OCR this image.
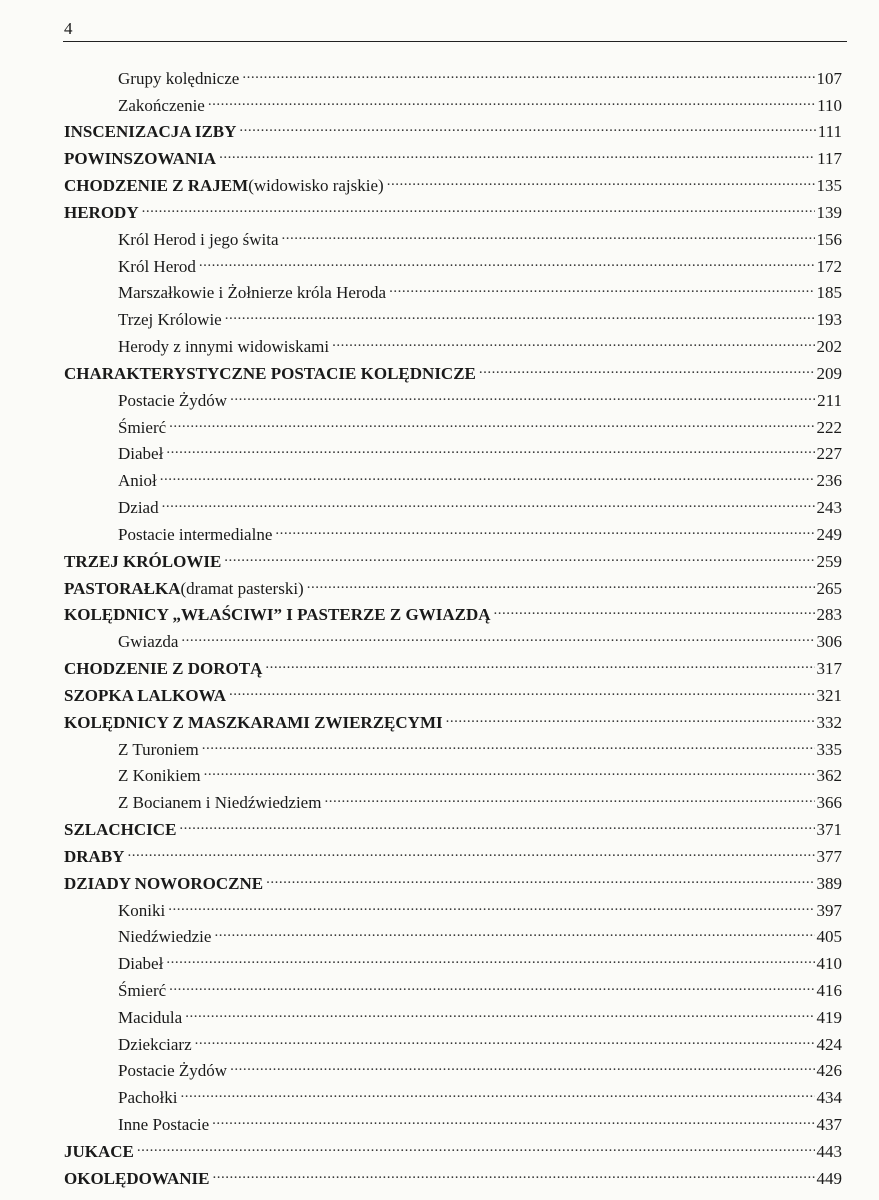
4
Grupy kolędnicze .....	107
Zakończenie .....	110
INSCENIZACJA IZBY .....	111
POWINSZOWANIA .....	117
CHODZENIE Z RAJEM (widowisko rajskie) .....	135
HERODY .....	139
Król Herod i jego świta .....	156
Król Herod .....	172
Marszałkowie i Żołnierze króla Heroda .....	185
Trzej Królowie .....	193
Herody z innymi widowiskami .....	202
CHARAKTERYSTYCZNE POSTACIE KOLĘDNICZE .....	209
Postacie Żydów .....	211
Śmierć .....	222
Diabeł .....	227
Anioł .....	236
Dziad .....	243
Postacie intermedialne .....	249
TRZEJ KRÓLOWIE .....	259
PASTORAŁKA (dramat pasterski) .....	265
KOLĘDNICY „WŁAŚCIWI” I PASTERZE Z GWIAZDĄ .....	283
Gwiazda .....	306
CHODZENIE Z DOROTĄ .....	317
SZOPKA LALKOWA .....	321
KOLĘDNICY Z MASZKARAMI ZWIERZĘCYMI .....	332
Z Turoniem .....	335
Z Konikiem .....	362
Z Bocianem i Niedźwiedziem .....	366
SZLACHCICE .....	371
DRABY .....	377
DZIADY NOWOROCZNE .....	389
Koniki .....	397
Niedźwiedzie .....	405
Diabeł .....	410
Śmierć .....	416
Macidula .....	419
Dziekciarz .....	424
Postacie Żydów .....	426
Pachołki .....	434
Inne Postacie .....	437
JUKACE .....	443
OKOLĘDOWANIE .....	449
